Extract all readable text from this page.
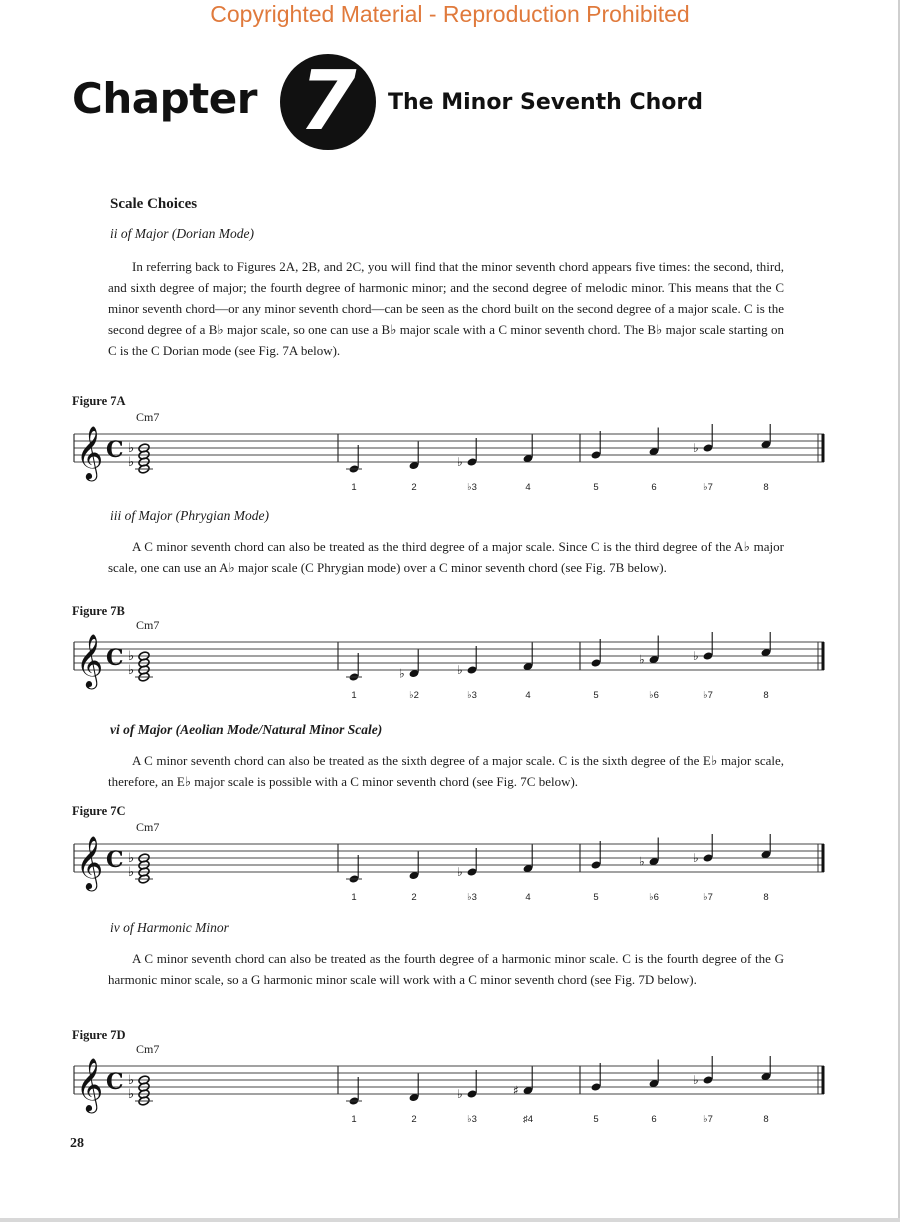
Copyrighted Material - Reproduction Prohibited
Chapter 7	The Minor Seventh Chord
Scale Choices
ii of Major (Dorian Mode)

In referring back to Figures 2A, 2B, and 2C, you will find that the minor seventh chord appears five times: the second, third, and sixth degree of major; the fourth degree of harmonic minor; and the second degree of melodic minor. This means that the C minor seventh chord—or any minor seventh chord—can be seen as the chord built on the second degree of a major scale. C is the second degree of a B♭ major scale, so one can use a B♭ major scale with a C minor seventh chord. The B♭ major scale starting on C is the C Dorian mode (see Fig. 7A below).

Figure 7A
Cm7
𝄞 C ♭
♭
1	2
♭
♭3	4	5	6
♭
♭7	8
iii of Major (Phrygian Mode)

A C minor seventh chord can also be treated as the third degree of a major scale. Since C is the third degree of the A♭ major scale, one can use an A♭ major scale (C Phrygian mode) over a C minor seventh chord (see Fig. 7B below).

Figure 7B
Cm7
𝄞 C ♭
♭
1
♭
♭2
♭
♭3	4	5
♭
♭6
♭
♭7	8
vi of Major (Aeolian Mode/Natural Minor Scale)

A C minor seventh chord can also be treated as the sixth degree of a major scale. C is the sixth degree of the E♭ major scale, therefore, an E♭ major scale is possible with a C minor seventh chord (see Fig. 7C below).

Figure 7C
Cm7
𝄞 C ♭
♭
1	2
♭
♭3	4	5
♭
♭6
♭
♭7	8
iv of Harmonic Minor

A C minor seventh chord can also be treated as the fourth degree of a harmonic minor scale. C is the fourth degree of the G harmonic minor scale, so a G harmonic minor scale will work with a C minor seventh chord (see Fig. 7D below).

Figure 7D
Cm7
𝄞 C ♭
♭
1	2
♭
♭3
♯
♯4	5	6
♭
♭7	8
28
